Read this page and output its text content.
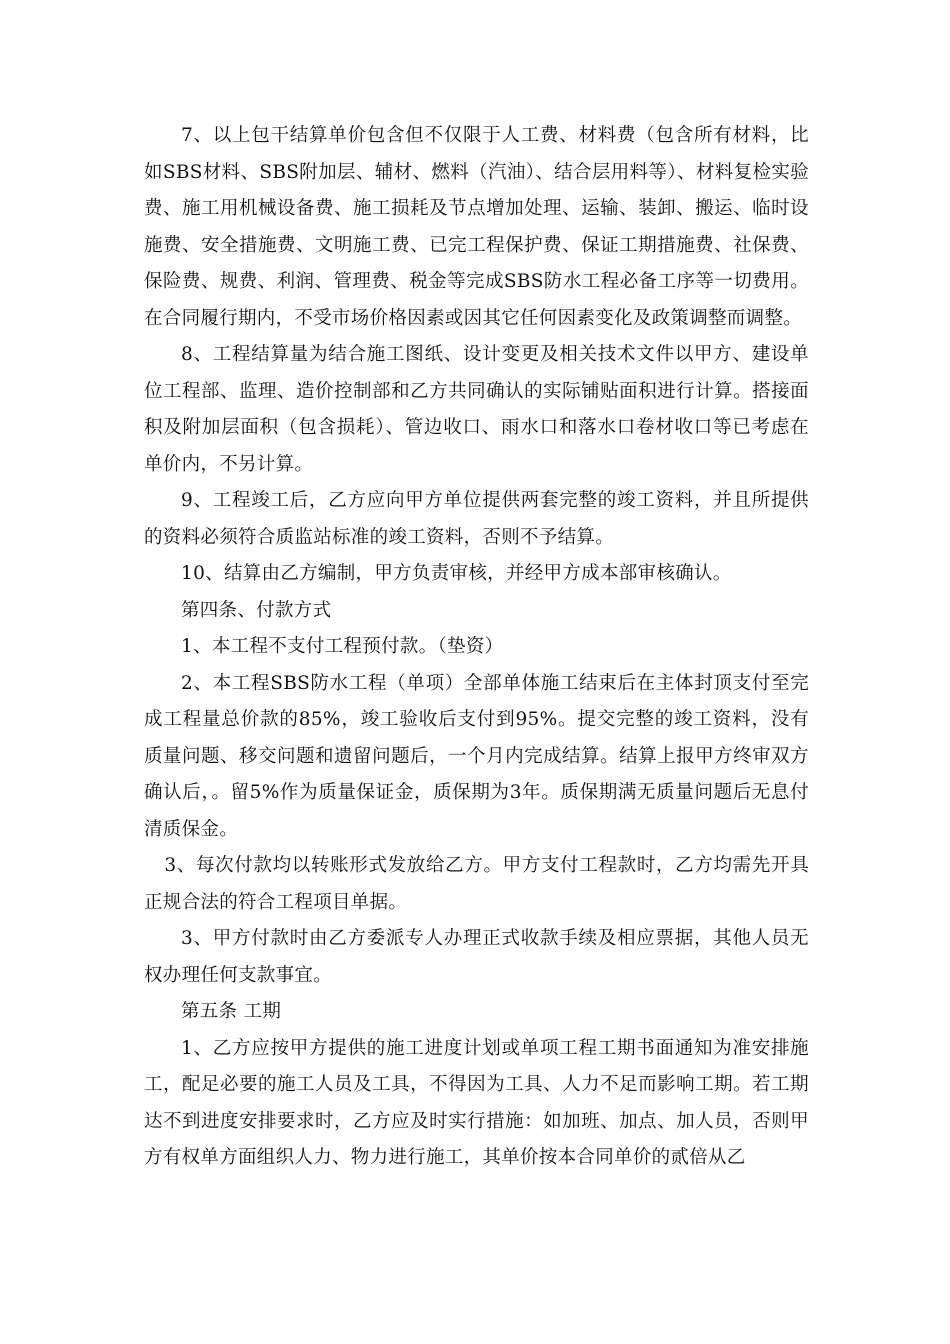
7、以上包干结算单价包含但不仅限于人工费、材料费（包含所有材料，比如SBS材料、SBS附加层、辅材、燃料（汽油）、结合层用料等）、材料复检实验费、施工用机械设备费、施工损耗及节点增加处理、运输、装卸、搬运、临时设施费、安全措施费、文明施工费、已完工程保护费、保证工期措施费、社保费、保险费、规费、利润、管理费、税金等完成SBS防水工程必备工序等一切费用。在合同履行期内，不受市场价格因素或因其它任何因素变化及政策调整而调整。

8、工程结算量为结合施工图纸、设计变更及相关技术文件以甲方、建设单位工程部、监理、造价控制部和乙方共同确认的实际铺贴面积进行计算。搭接面积及附加层面积（包含损耗）、管边收口、雨水口和落水口卷材收口等已考虑在单价内，不另计算。

9、工程竣工后，乙方应向甲方单位提供两套完整的竣工资料，并且所提供的资料必须符合质监站标准的竣工资料，否则不予结算。

10、结算由乙方编制，甲方负责审核，并经甲方成本部审核确认。

第四条、付款方式

1、本工程不支付工程预付款。（垫资）

2、本工程SBS防水工程（单项）全部单体施工结束后在主体封顶支付至完成工程量总价款的85%，竣工验收后支付到95%。提交完整的竣工资料，没有质量问题、移交问题和遗留问题后，一个月内完成结算。结算上报甲方终审双方确认后，。留5%作为质量保证金，质保期为3年。质保期满无质量问题后无息付清质保金。

3、每次付款均以转账形式发放给乙方。甲方支付工程款时，乙方均需先开具正规合法的符合工程项目单据。

3、甲方付款时由乙方委派专人办理正式收款手续及相应票据，其他人员无权办理任何支款事宜。

第五条 工期

1、乙方应按甲方提供的施工进度计划或单项工程工期书面通知为准安排施工，配足必要的施工人员及工具，不得因为工具、人力不足而影响工期。若工期达不到进度安排要求时，乙方应及时实行措施：如加班、加点、加人员，否则甲方有权单方面组织人力、物力进行施工，其单价按本合同单价的贰倍从乙
